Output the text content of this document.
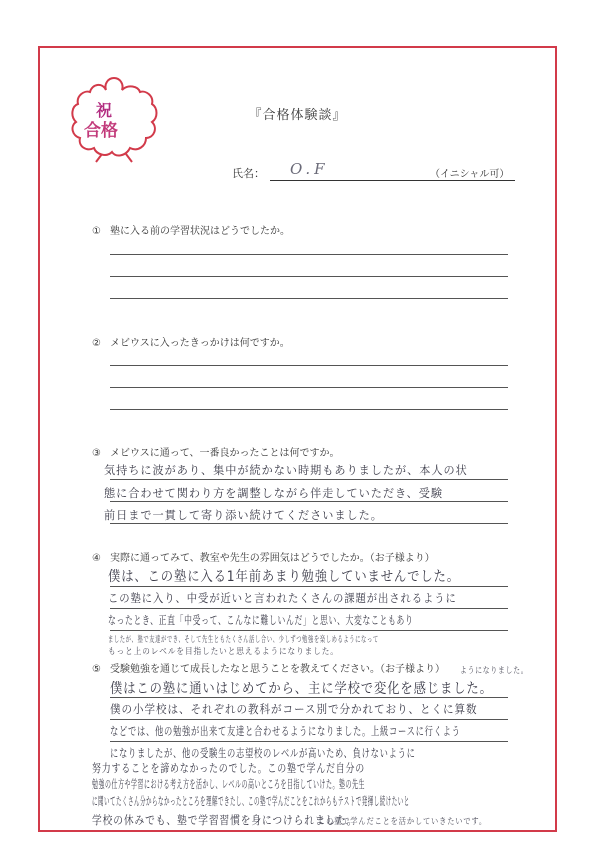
祝
合格
『合格体験談』
氏名： O.F	（イニシャル可）
① 塾に入る前の学習状況はどうでしたか。
② メビウスに入ったきっかけは何ですか。
③ メビウスに通って、一番良かったことは何ですか。
気持ちに波があり、集中が続かない時期もありましたが、本人の状
態に合わせて関わり方を調整しながら伴走していただき、受験
前日まで一貫して寄り添い続けてくださいました。
④ 実際に通ってみて、教室や先生の雰囲気はどうでしたか。（お子様より）
僕は、この塾に入る1年前あまり勉強していませんでした。
この塾に入り、中受が近いと言われたくさんの課題が出されるように
なったとき、正直「中受って、こんなに難しいんだ」と思い、大変なこともあり
ましたが、塾で友達ができ、そして先生ともたくさん話し合い、少しずつ勉強を楽しめるようになって
もっと上のレベルを目指したいと思えるようになりました。
ようになりました。
⑤ 受験勉強を通じて成長したなと思うことを教えてください。（お子様より）
僕はこの塾に通いはじめてから、主に学校で変化を感じました。
僕の小学校は、それぞれの教科がコース別で分かれており、とくに算数
などでは、他の勉強が出来て友達と合わせるようになりました。上級コースに行くよう
になりましたが、他の受験生の志望校のレベルが高いため、負けないように
努力することを諦めなかったのでした。この塾で学んだ自分の
勉強の仕方や学習における考え方を活かし、レベルの高いところを目指していけた。塾の先生
に聞いてたくさん分からなかったところを理解できたし、この塾で学んだことをこれからもテストで発揮し続けたいと
学校の休みでも、塾で学習習慣を身につけられました。
この塾で学んだことを活かしていきたいです。
